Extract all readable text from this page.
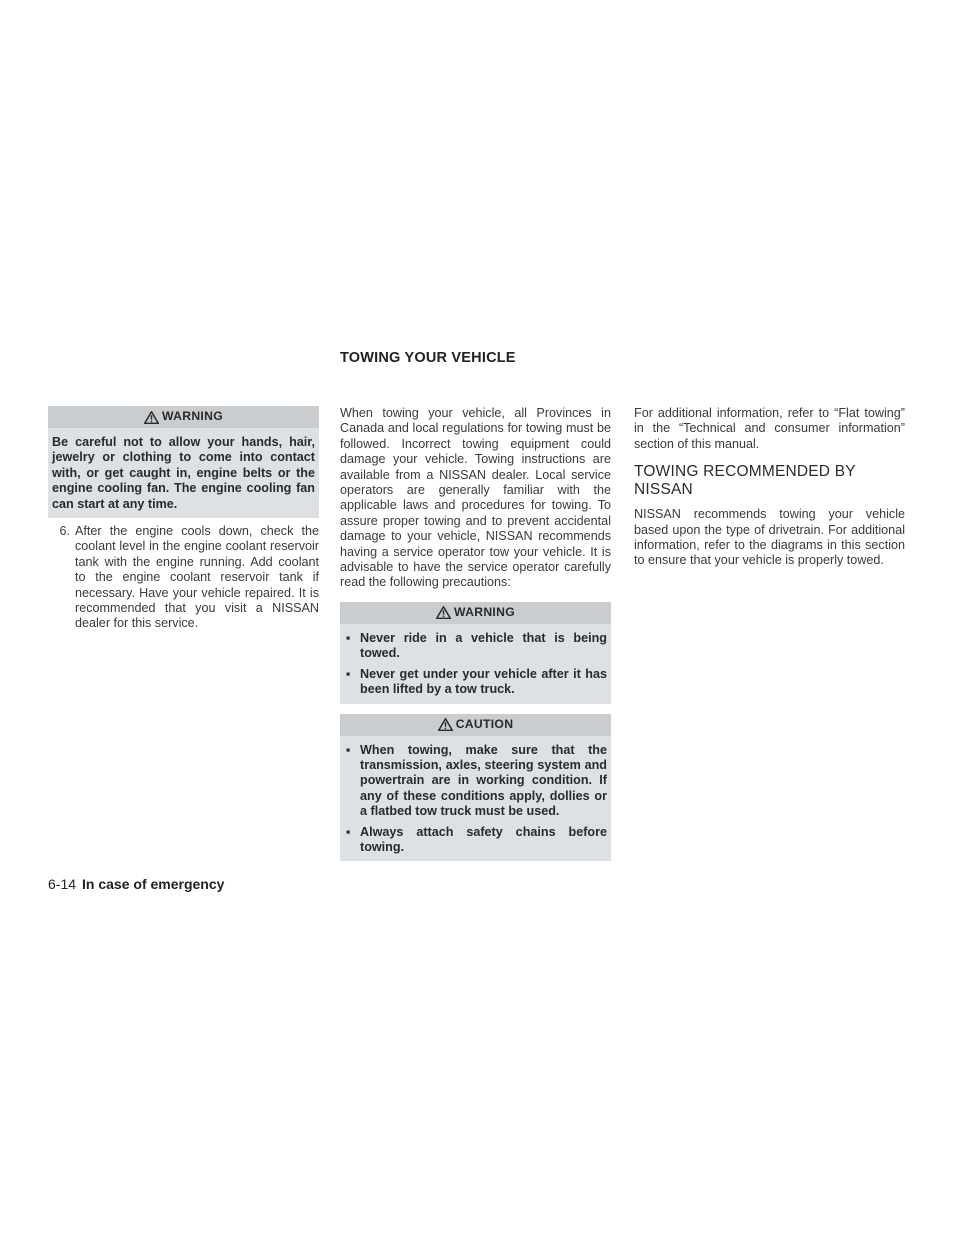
TOWING YOUR VEHICLE
WARNING
Be careful not to allow your hands, hair, jewelry or clothing to come into contact with, or get caught in, engine belts or the engine cooling fan. The engine cooling fan can start at any time.
6. After the engine cools down, check the coolant level in the engine coolant reservoir tank with the engine running. Add coolant to the engine coolant reservoir tank if necessary. Have your vehicle repaired. It is recommended that you visit a NISSAN dealer for this service.

When towing your vehicle, all Provinces in Canada and local regulations for towing must be followed. Incorrect towing equipment could damage your vehicle. Towing instructions are available from a NISSAN dealer. Local service operators are generally familiar with the applicable laws and procedures for towing. To assure proper towing and to prevent accidental damage to your vehicle, NISSAN recommends having a service operator tow your vehicle. It is advisable to have the service operator carefully read the following precautions:

WARNING
▪ Never ride in a vehicle that is being towed.
▪ Never get under your vehicle after it has been lifted by a tow truck.
CAUTION
▪ When towing, make sure that the transmission, axles, steering system and powertrain are in working condition. If any of these conditions apply, dollies or a flatbed tow truck must be used.
▪ Always attach safety chains before towing.

For additional information, refer to “Flat towing” in the “Technical and consumer information” section of this manual.

TOWING RECOMMENDED BY NISSAN

NISSAN recommends towing your vehicle based upon the type of drivetrain. For additional information, refer to the diagrams in this section to ensure that your vehicle is properly towed.

6-14 In case of emergency
